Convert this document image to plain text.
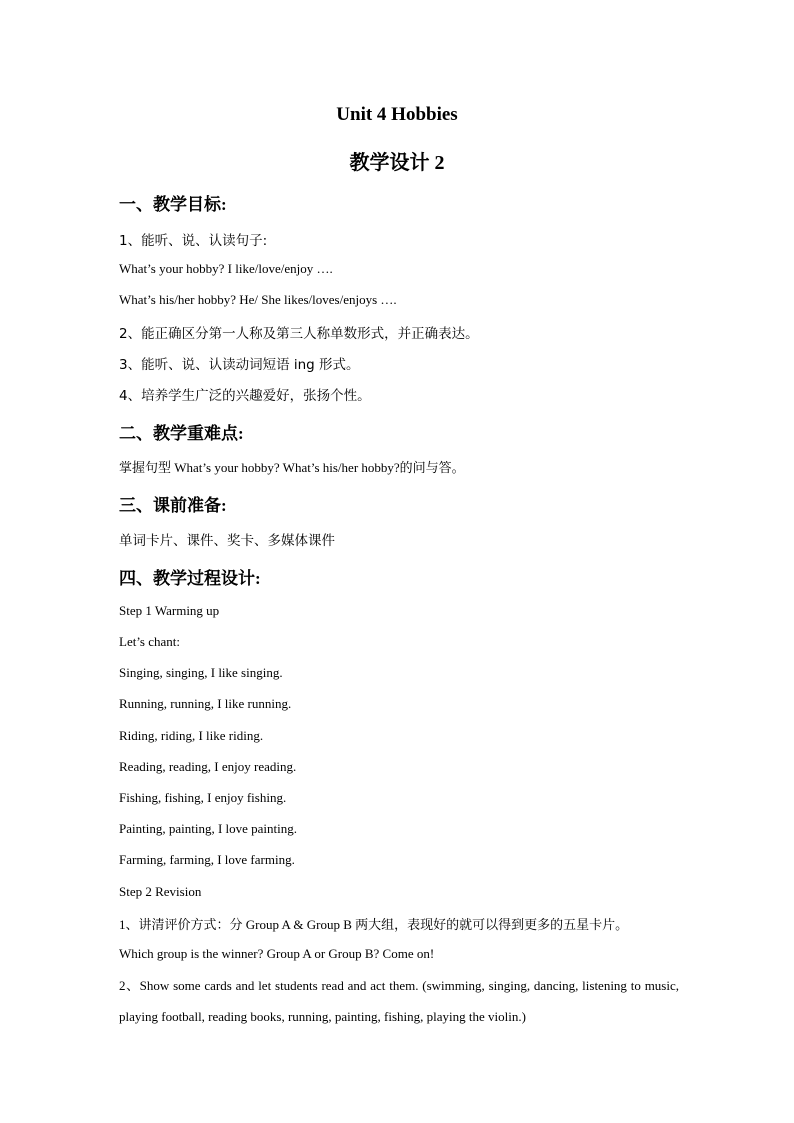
Unit 4 Hobbies
教学设计 2
一、教学目标:
1、能听、说、认读句子:
What’s your hobby? I like/love/enjoy ….
What’s his/her hobby? He/ She likes/loves/enjoys ….
2、能正确区分第一人称及第三人称单数形式，并正确表达。
3、能听、说、认读动词短语 ing 形式。
4、培养学生广泛的兴趣爱好，张扬个性。
二、教学重难点:
掌握句型 What’s your hobby? What’s his/her hobby?的问与答。
三、课前准备:
单词卡片、课件、奖卡、多媒体课件
四、教学过程设计:
Step 1 Warming up
Let’s chant:
Singing, singing, I like singing.
Running, running, I like running.
Riding, riding, I like riding.
Reading, reading, I enjoy reading.
Fishing, fishing, I enjoy fishing.
Painting, painting, I love painting.
Farming, farming, I love farming.
Step 2 Revision
1、讲清评价方式：分 Group A & Group B 两大组，表现好的就可以得到更多的五星卡片。
Which group is the winner? Group A or Group B? Come on!
2、Show some cards and let students read and act them. (swimming, singing, dancing, listening to music, playing football, reading books, running, painting, fishing, playing the violin.)
